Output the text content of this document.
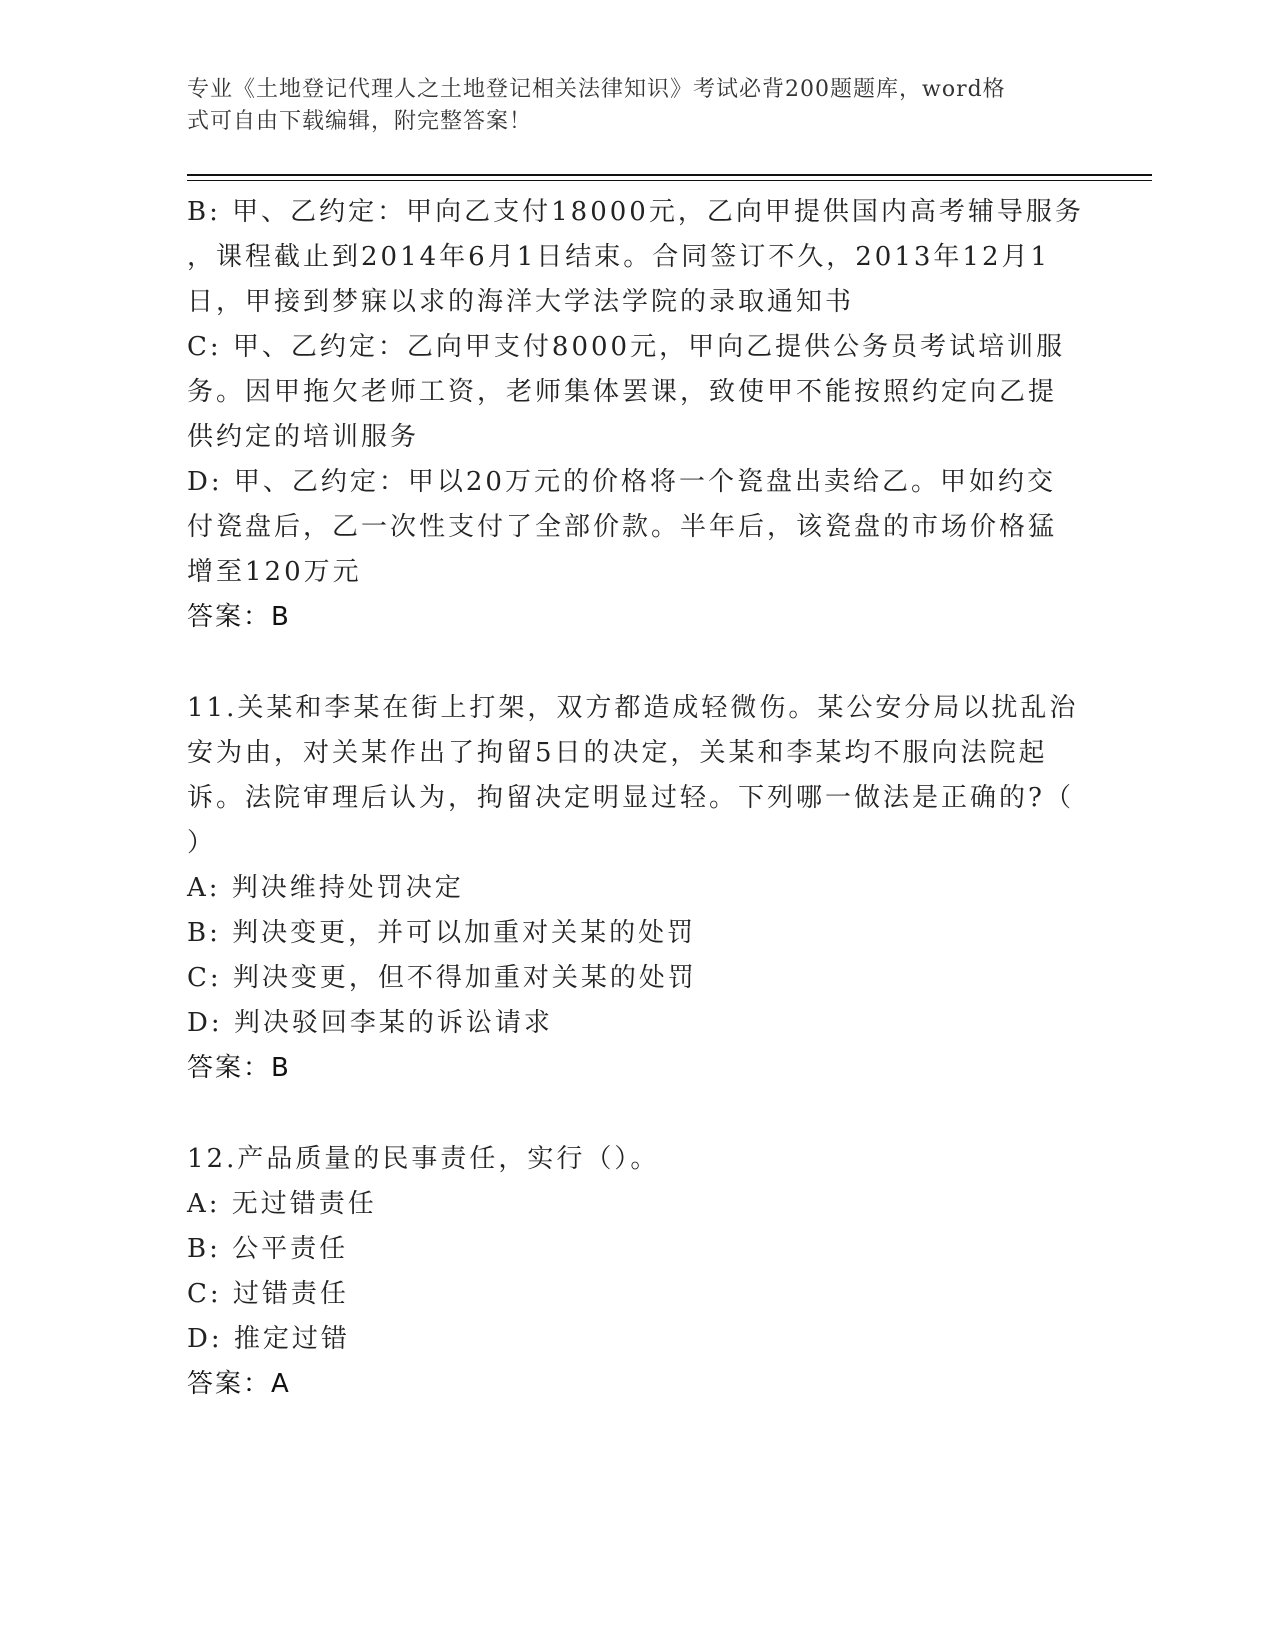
专业《土地登记代理人之土地登记相关法律知识》考试必背200题题库，word格
式可自由下载编辑，附完整答案！
B: 甲、乙约定：甲向乙支付18000元，乙向甲提供国内高考辅导服务
，课程截止到2014年6月1日结束。合同签订不久，2013年12月1
日，甲接到梦寐以求的海洋大学法学院的录取通知书
C: 甲、乙约定：乙向甲支付8000元，甲向乙提供公务员考试培训服
务。因甲拖欠老师工资，老师集体罢课，致使甲不能按照约定向乙提
供约定的培训服务
D: 甲、乙约定：甲以20万元的价格将一个瓷盘出卖给乙。甲如约交
付瓷盘后，乙一次性支付了全部价款。半年后，该瓷盘的市场价格猛
增至120万元
答案：B
11.关某和李某在街上打架，双方都造成轻微伤。某公安分局以扰乱治
安为由，对关某作出了拘留5日的决定，关某和李某均不服向法院起
诉。法院审理后认为，拘留决定明显过轻。下列哪一做法是正确的?（
）
A: 判决维持处罚决定
B: 判决变更，并可以加重对关某的处罚
C: 判决变更，但不得加重对关某的处罚
D: 判决驳回李某的诉讼请求
答案：B
12.产品质量的民事责任，实行（）。
A: 无过错责任
B: 公平责任
C: 过错责任
D: 推定过错
答案：A
